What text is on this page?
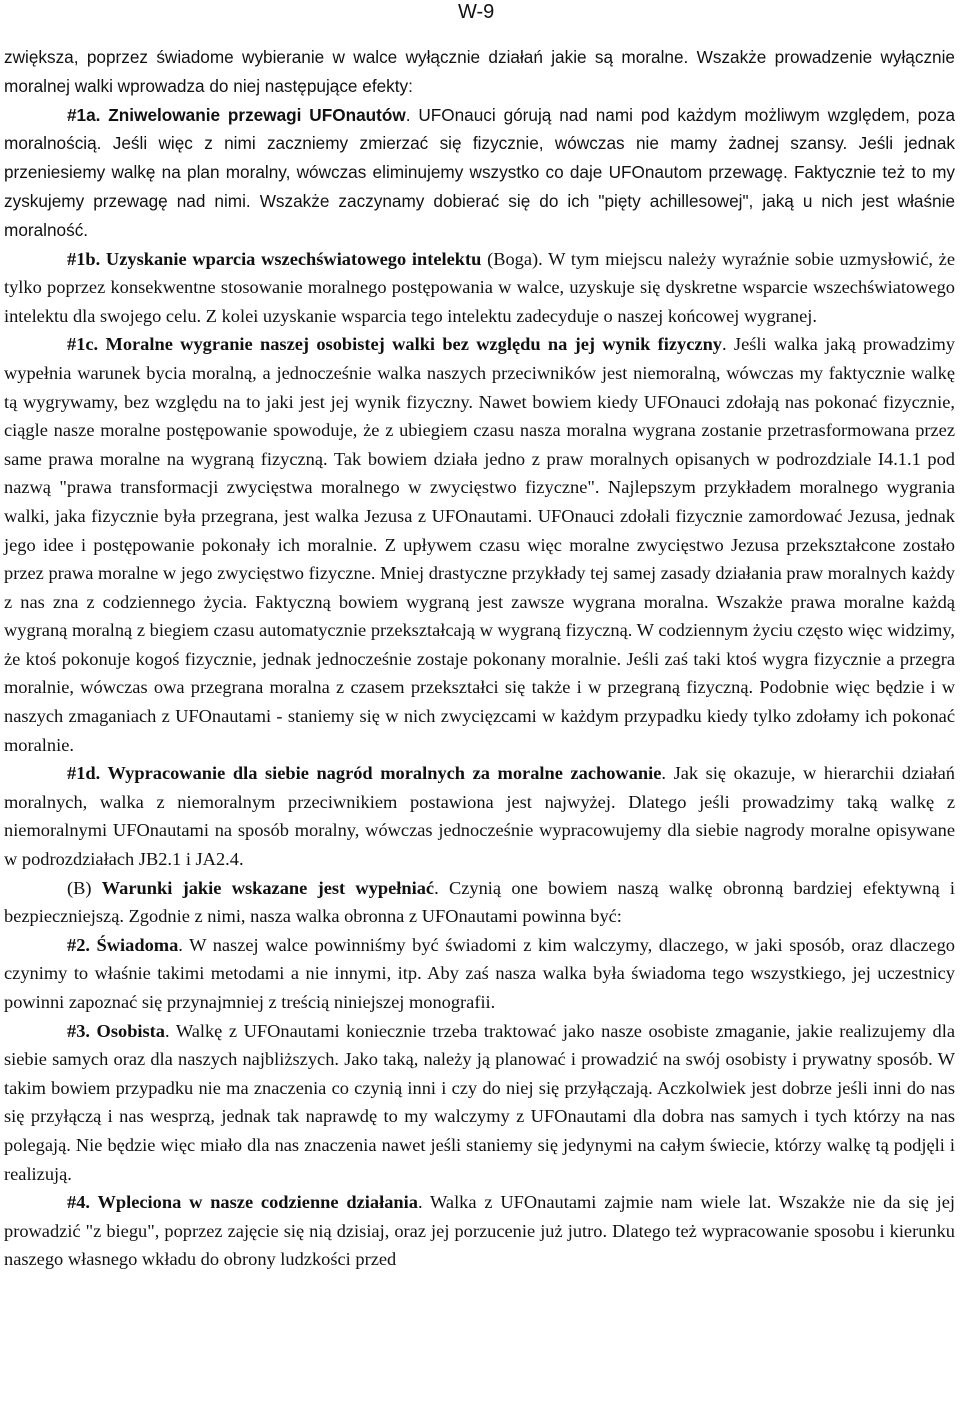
W-9

zwiększa, poprzez świadome wybieranie w walce wyłącznie działań jakie są moralne. Wszakże prowadzenie wyłącznie moralnej walki wprowadza do niej następujące efekty:

#1a. Zniwelowanie przewagi UFOnautów. UFOnauci górują nad nami pod każdym możliwym względem, poza moralnością. Jeśli więc z nimi zaczniemy zmierzać się fizycznie, wówczas nie mamy żadnej szansy. Jeśli jednak przeniesiemy walkę na plan moralny, wówczas eliminujemy wszystko co daje UFOnautom przewagę. Faktycznie też to my zyskujemy przewagę nad nimi. Wszakże zaczynamy dobierać się do ich "pięty achillesowej", jaką u nich jest właśnie moralność.

#1b. Uzyskanie wparcia wszechświatowego intelektu (Boga). W tym miejscu należy wyraźnie sobie uzmysłowić, że tylko poprzez konsekwentne stosowanie moralnego postępowania w walce, uzyskuje się dyskretne wsparcie wszechświatowego intelektu dla swojego celu. Z kolei uzyskanie wsparcia tego intelektu zadecyduje o naszej końcowej wygranej.

#1c. Moralne wygranie naszej osobistej walki bez względu na jej wynik fizyczny. Jeśli walka jaką prowadzimy wypełnia warunek bycia moralną, a jednocześnie walka naszych przeciwników jest niemoralną, wówczas my faktycznie walkę tą wygrywamy, bez względu na to jaki jest jej wynik fizyczny. Nawet bowiem kiedy UFOnauci zdołają nas pokonać fizycznie, ciągle nasze moralne postępowanie spowoduje, że z ubiegiem czasu nasza moralna wygrana zostanie przetrasformowana przez same prawa moralne na wygraną fizyczną. Tak bowiem działa jedno z praw moralnych opisanych w podrozdziale I4.1.1 pod nazwą "prawa transformacji zwycięstwa moralnego w zwycięstwo fizyczne". Najlepszym przykładem moralnego wygrania walki, jaka fizycznie była przegrana, jest walka Jezusa z UFOnautami. UFOnauci zdołali fizycznie zamordować Jezusa, jednak jego idee i postępowanie pokonały ich moralnie. Z upływem czasu więc moralne zwycięstwo Jezusa przekształcone zostało przez prawa moralne w jego zwycięstwo fizyczne. Mniej drastyczne przykłady tej samej zasady działania praw moralnych każdy z nas zna z codziennego życia. Faktyczną bowiem wygraną jest zawsze wygrana moralna. Wszakże prawa moralne każdą wygraną moralną z biegiem czasu automatycznie przekształcają w wygraną fizyczną. W codziennym życiu często więc widzimy, że ktoś pokonuje kogoś fizycznie, jednak jednocześnie zostaje pokonany moralnie. Jeśli zaś taki ktoś wygra fizycznie a przegra moralnie, wówczas owa przegrana moralna z czasem przekształci się także i w przegraną fizyczną. Podobnie więc będzie i w naszych zmaganiach z UFOnautami - staniemy się w nich zwycięzcami w każdym przypadku kiedy tylko zdołamy ich pokonać moralnie.

#1d. Wypracowanie dla siebie nagród moralnych za moralne zachowanie. Jak się okazuje, w hierarchii działań moralnych, walka z niemoralnym przeciwnikiem postawiona jest najwyżej. Dlatego jeśli prowadzimy taką walkę z niemoralnymi UFOnautami na sposób moralny, wówczas jednocześnie wypracowujemy dla siebie nagrody moralne opisywane w podrozdziałach JB2.1 i JA2.4.

(B) Warunki jakie wskazane jest wypełniać. Czynią one bowiem naszą walkę obronną bardziej efektywną i bezpieczniejszą. Zgodnie z nimi, nasza walka obronna z UFOnautami powinna być:

#2. Świadoma. W naszej walce powinniśmy być świadomi z kim walczymy, dlaczego, w jaki sposób, oraz dlaczego czynimy to właśnie takimi metodami a nie innymi, itp. Aby zaś nasza walka była świadoma tego wszystkiego, jej uczestnicy powinni zapoznać się przynajmniej z treścią niniejszej monografii.

#3. Osobista. Walkę z UFOnautami koniecznie trzeba traktować jako nasze osobiste zmaganie, jakie realizujemy dla siebie samych oraz dla naszych najbliższych. Jako taką, należy ją planować i prowadzić na swój osobisty i prywatny sposób. W takim bowiem przypadku nie ma znaczenia co czynią inni i czy do niej się przyłączają. Aczkolwiek jest dobrze jeśli inni do nas się przyłączą i nas wesprzą, jednak tak naprawdę to my walczymy z UFOnautami dla dobra nas samych i tych którzy na nas polegają. Nie będzie więc miało dla nas znaczenia nawet jeśli staniemy się jedynymi na całym świecie, którzy walkę tą podjęli i realizują.

#4. Wpleciona w nasze codzienne działania. Walka z UFOnautami zajmie nam wiele lat. Wszakże nie da się jej prowadzić "z biegu", poprzez zajęcie się nią dzisiaj, oraz jej porzucenie już jutro. Dlatego też wypracowanie sposobu i kierunku naszego własnego wkładu do obrony ludzkości przed
